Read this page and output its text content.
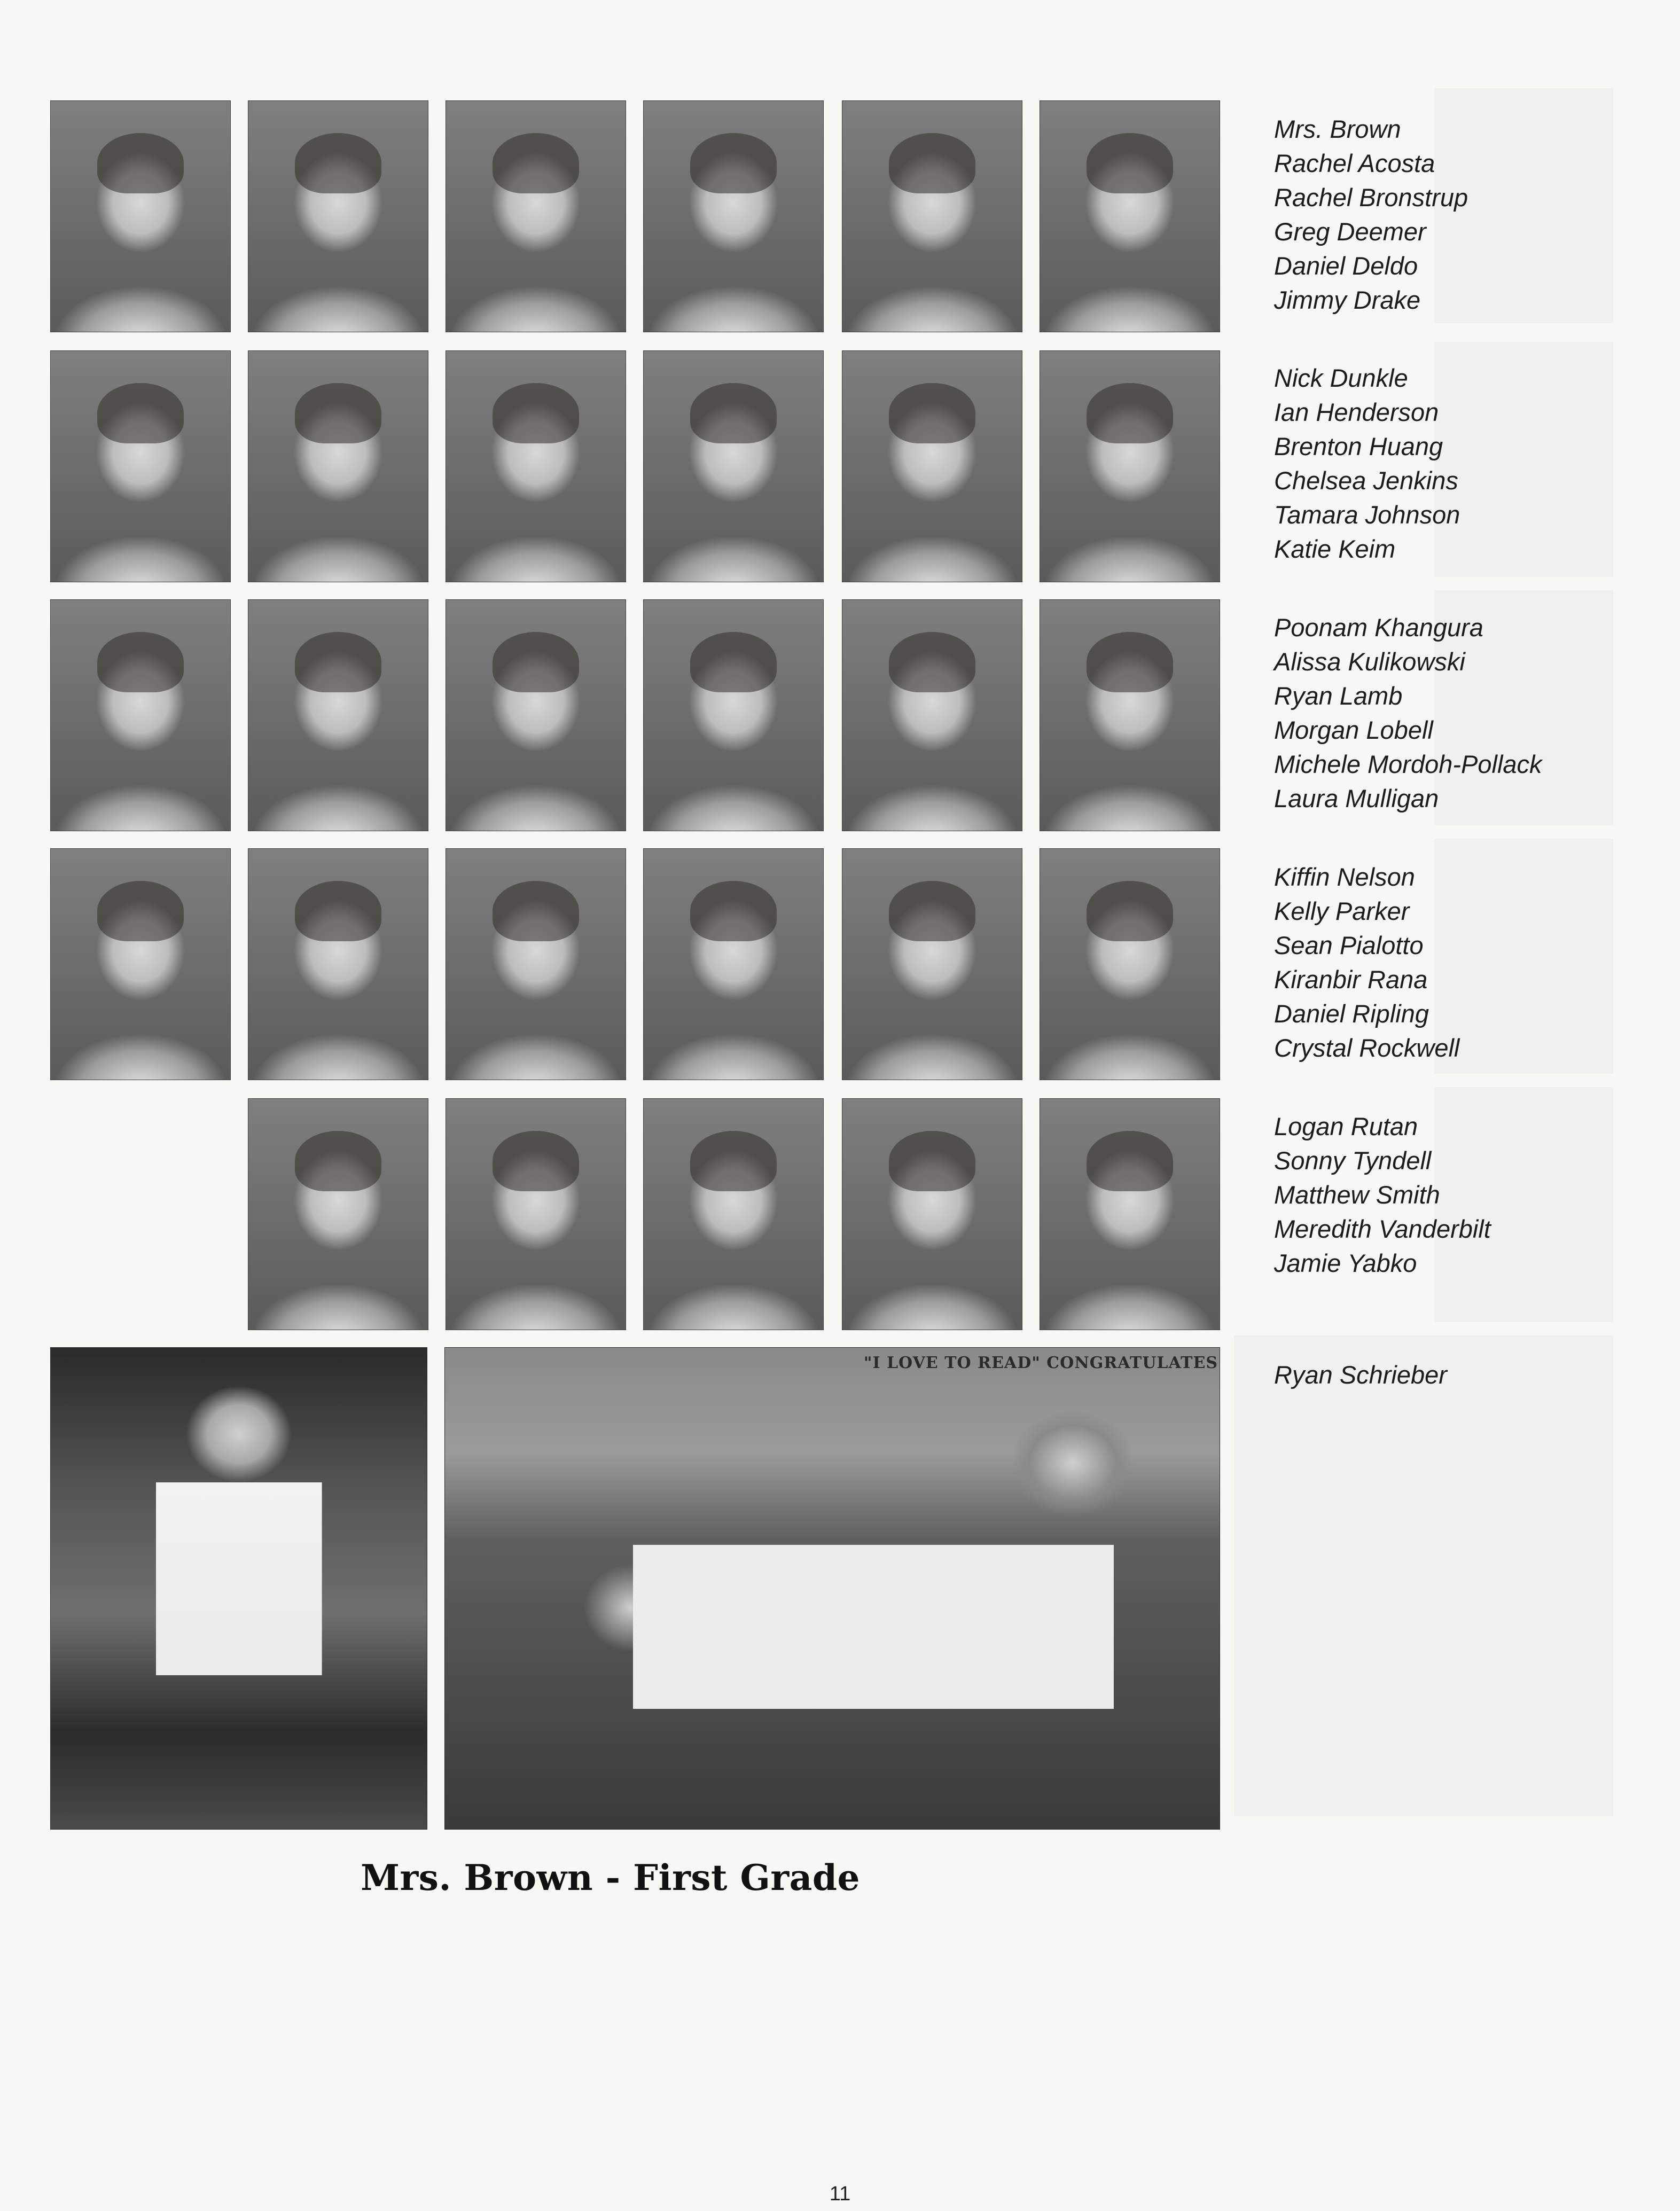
Mrs. Brown
Rachel Acosta
Rachel Bronstrup
Greg Deemer
Daniel Deldo
Jimmy Drake
Nick Dunkle
Ian Henderson
Brenton Huang
Chelsea Jenkins
Tamara Johnson
Katie Keim
Poonam Khangura
Alissa Kulikowski
Ryan Lamb
Morgan Lobell
Michele Mordoh-Pollack
Laura Mulligan
Kiffin Nelson
Kelly Parker
Sean Pialotto
Kiranbir Rana
Daniel Ripling
Crystal Rockwell
Logan Rutan
Sonny Tyndell
Matthew Smith
Meredith Vanderbilt
Jamie Yabko
Ryan Schrieber
"I LOVE TO READ" CONGRATULATES
Mrs. Brown - First Grade
11
